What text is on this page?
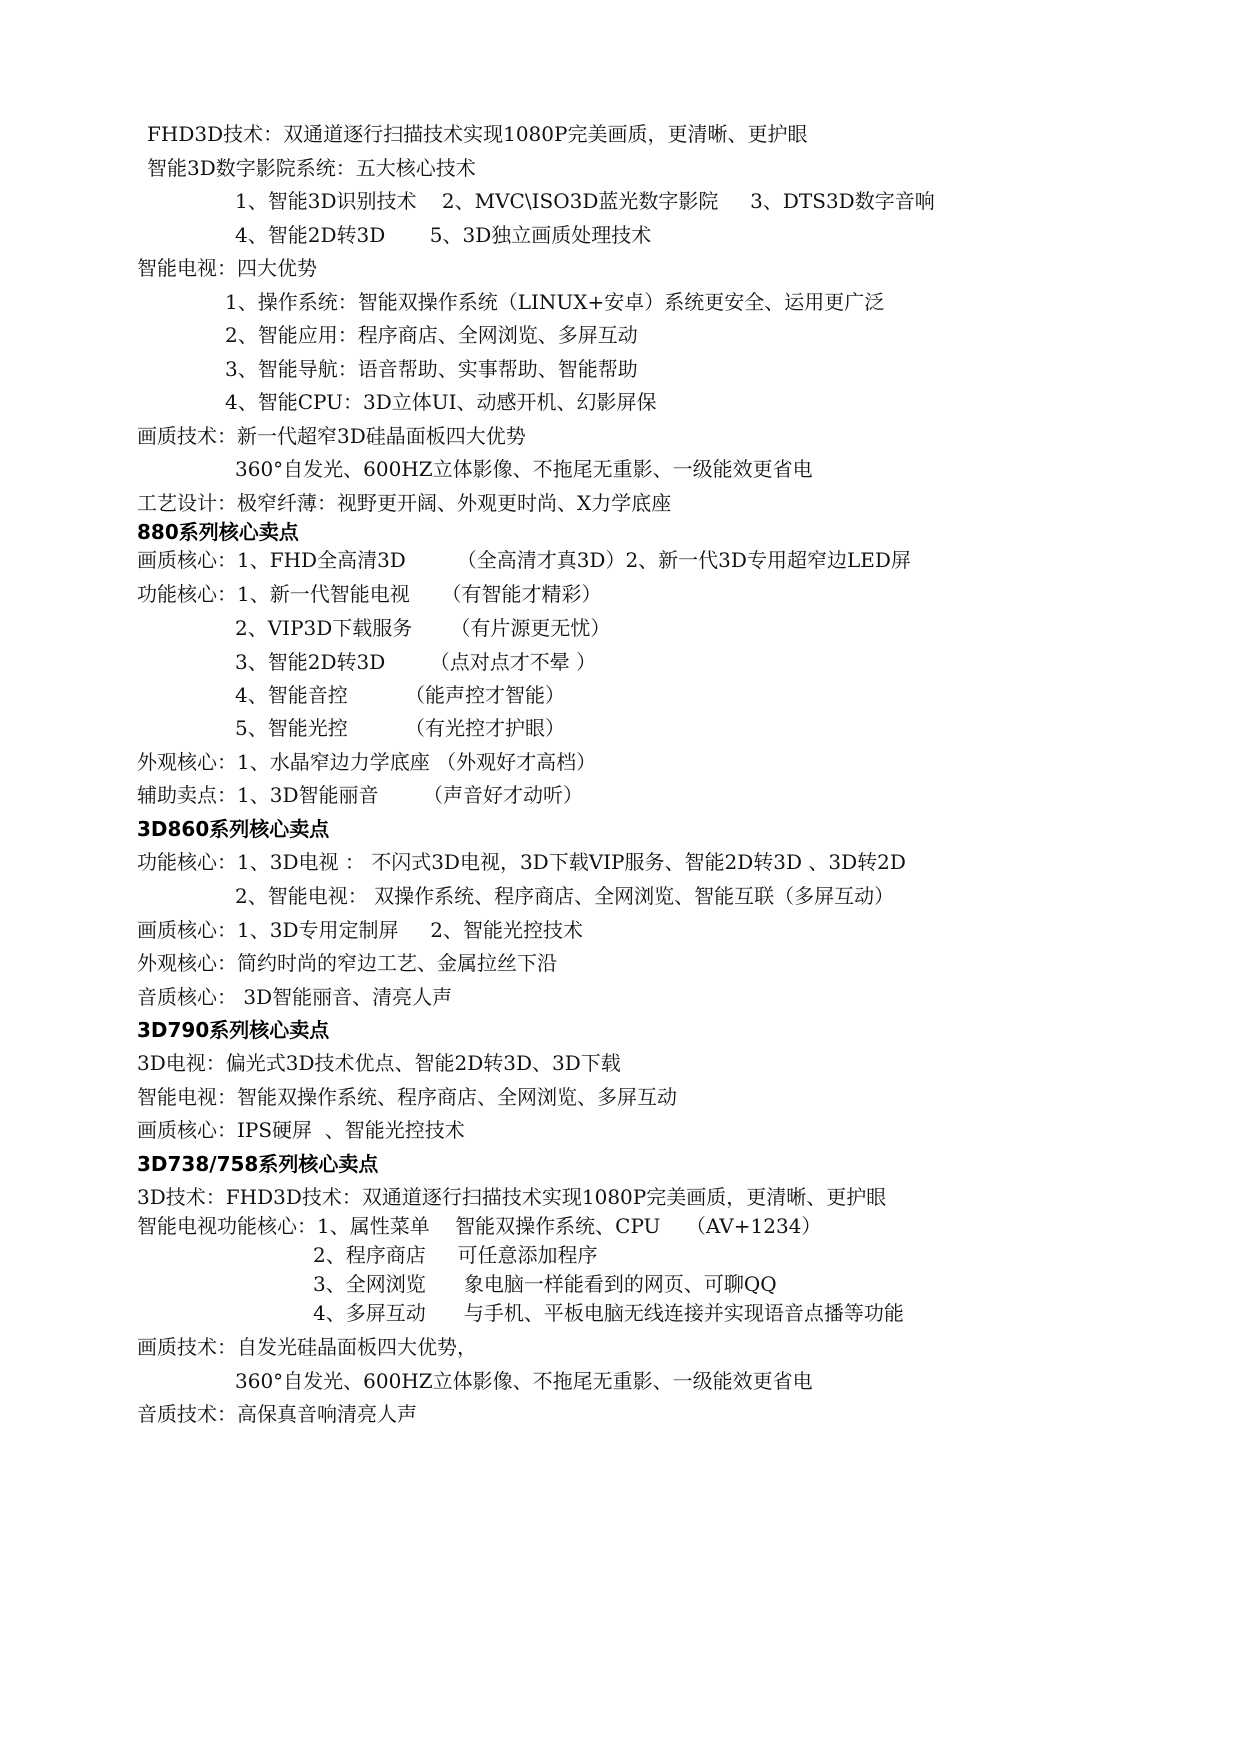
FHD3D技术：双通道逐行扫描技术实现1080P完美画质，更清晰、更护眼
智能3D数字影院系统：五大核心技术
1、智能3D识别技术    2、MVC\ISO3D蓝光数字影院     3、DTS3D数字音响
4、智能2D转3D       5、3D独立画质处理技术
智能电视：四大优势
1、操作系统：智能双操作系统（LINUX+安卓）系统更安全、运用更广泛
2、智能应用：程序商店、全网浏览、多屏互动
3、智能导航：语音帮助、实事帮助、智能帮助
4、智能CPU：3D立体UI、动感开机、幻影屏保
画质技术：新一代超窄3D硅晶面板四大优势
360°自发光、600HZ立体影像、不拖尾无重影、一级能效更省电
工艺设计：极窄纤薄：视野更开阔、外观更时尚、X力学底座
880系列核心卖点
画质核心：1、FHD全高清3D        （全高清才真3D）2、新一代3D专用超窄边LED屏
功能核心：1、新一代智能电视     （有智能才精彩）
2、VIP3D下载服务      （有片源更无忧）
3、智能2D转3D       （点对点才不晕 ）
4、智能音控         （能声控才智能）
5、智能光控         （有光控才护眼）
外观核心：1、水晶窄边力学底座 （外观好才高档）
辅助卖点：1、3D智能丽音       （声音好才动听）
3D860系列核心卖点
功能核心：1、3D电视 ： 不闪式3D电视，3D下载VIP服务、智能2D转3D 、3D转2D
2、智能电视： 双操作系统、程序商店、全网浏览、智能互联（多屏互动）
画质核心：1、3D专用定制屏     2、智能光控技术
外观核心：简约时尚的窄边工艺、金属拉丝下沿
音质核心： 3D智能丽音、清亮人声
3D790系列核心卖点
3D电视：偏光式3D技术优点、智能2D转3D、3D下载
智能电视：智能双操作系统、程序商店、全网浏览、多屏互动
画质核心：IPS硬屏  、智能光控技术
3D738/758系列核心卖点
3D技术：FHD3D技术：双通道逐行扫描技术实现1080P完美画质，更清晰、更护眼
智能电视功能核心：1、属性菜单    智能双操作系统、CPU    （AV+1234）
2、程序商店     可任意添加程序
3、全网浏览      象电脑一样能看到的网页、可聊QQ
4、多屏互动      与手机、平板电脑无线连接并实现语音点播等功能
画质技术：自发光硅晶面板四大优势，
360°自发光、600HZ立体影像、不拖尾无重影、一级能效更省电
音质技术：高保真音响清亮人声
